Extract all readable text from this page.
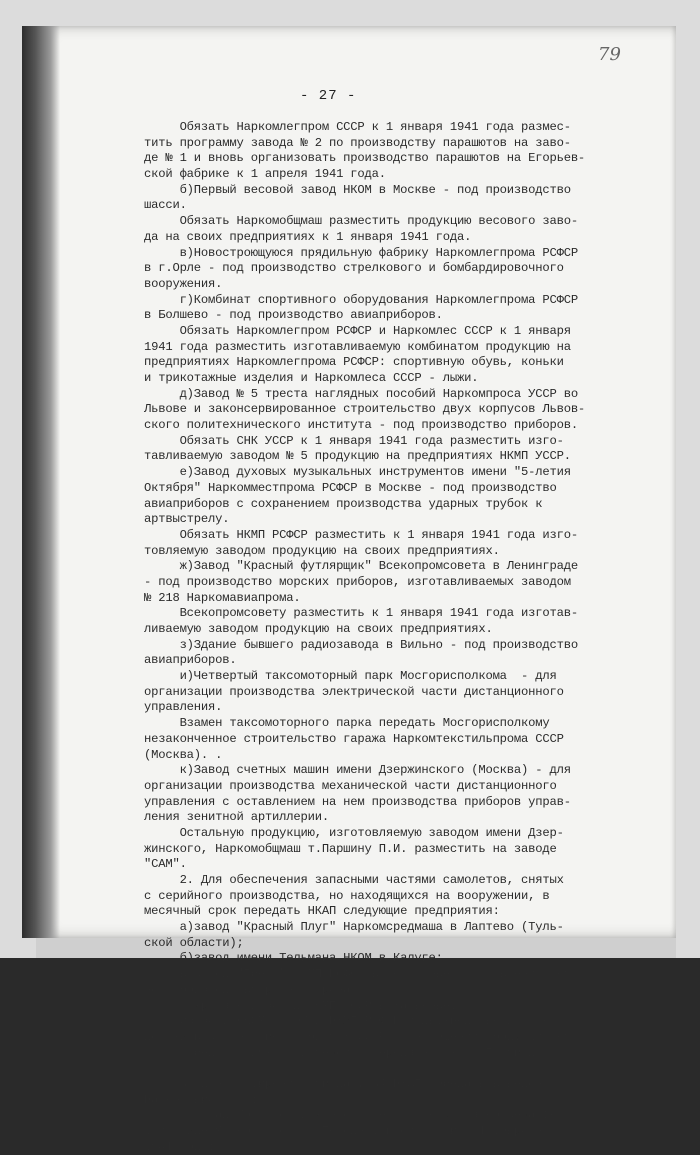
79
- 27 -
Обязать Наркомлегпром СССР к 1 января 1941 года размес-
тить программу завода № 2 по производству парашютов на заво-
де № 1 и вновь организовать производство парашютов на Егорьев-
ской фабрике к 1 апреля 1941 года.
б)Первый весовой завод НКОМ в Москве - под производство
шасси.
Обязать Наркомобщмаш разместить продукцию весового заво-
да на своих предприятиях к 1 января 1941 года.
в)Новостроющуюся прядильную фабрику Наркомлегпрома РСФСР
в г.Орле - под производство стрелкового и бомбардировочного
вооружения.
г)Комбинат спортивного оборудования Наркомлегпрома РСФСР
в Болшево - под производство авиаприборов.
Обязать Наркомлегпром РСФСР и Наркомлес СССР к 1 января
1941 года разместить изготавливаемую комбинатом продукцию на
предприятиях Наркомлегпрома РСФСР: спортивную обувь, коньки
и трикотажные изделия и Наркомлеса СССР - лыжи.
д)Завод № 5 треста наглядных пособий Наркомпроса УССР во
Львове и законсервированное строительство двух корпусов Львов-
ского политехнического института - под производство приборов.
Обязать СНК УССР к 1 января 1941 года разместить изго-
тавливаемую заводом № 5 продукцию на предприятиях НКМП УССР.
е)Завод духовых музыкальных инструментов имени "5-летия
Октября" Наркомместпрома РСФСР в Москве - под производство
авиаприборов с сохранением производства ударных трубок к
артвыстрелу.
Обязать НКМП РСФСР разместить к 1 января 1941 года изго-
товляемую заводом продукцию на своих предприятиях.
ж)Завод "Красный футлярщик" Всекопромсовета в Ленинграде
- под производство морских приборов, изготавливаемых заводом
№ 218 Наркомавиапрома.
Всекопромсовету разместить к 1 января 1941 года изготав-
ливаемую заводом продукцию на своих предприятиях.
з)Здание бывшего радиозавода в Вильно - под производство
авиаприборов.
и)Четвертый таксомоторный парк Мосгорисполкома  - для
организации производства электрической части дистанционного
управления.
Взамен таксомоторного парка передать Мосгорисполкому
незаконченное строительство гаража Наркомтекстильпрома СССР
(Москва). .
к)Завод счетных машин имени Дзержинского (Москва) - для
организации производства механической части дистанционного
управления с оставлением на нем производства приборов управ-
ления зенитной артиллерии.
Остальную продукцию, изготовляемую заводом имени Дзер-
жинского, Наркомобщмаш т.Паршину П.И. разместить на заводе
"САМ".
2. Для обеспечения запасными частями самолетов, снятых
с серийного производства, но находящихся на вооружении, в
месячный срок передать НКАП следующие предприятия:
а)завод "Красный Плуг" Наркомсредмаша в Лаптево (Туль-
ской области);
б)завод имени Тельмана НКОМ в Калуге;
в)завод "Пресс" НКМП РСФСР в Серпухове с оставлением на
нем производства ручных гранат;
г)кроватный завод НКМП УССР в Харькове.
Обязать НКСМ, НКОМ и НКМП РСФСР в двухнедельный срок
доложить Экономсовету при СНК СССР о размещении продукции на
своих предприятиях, снимаемой с передаваемых НКАП заводов.
3. Для расширения завода № 34 НКАП передать в ведение
Наркомавиапрома:
а)склад Московской конторы Сельхозснаба Наркомзема (на
1-й улице Ямского поля). Передачу произвести к 1 февраля
1941 года;
